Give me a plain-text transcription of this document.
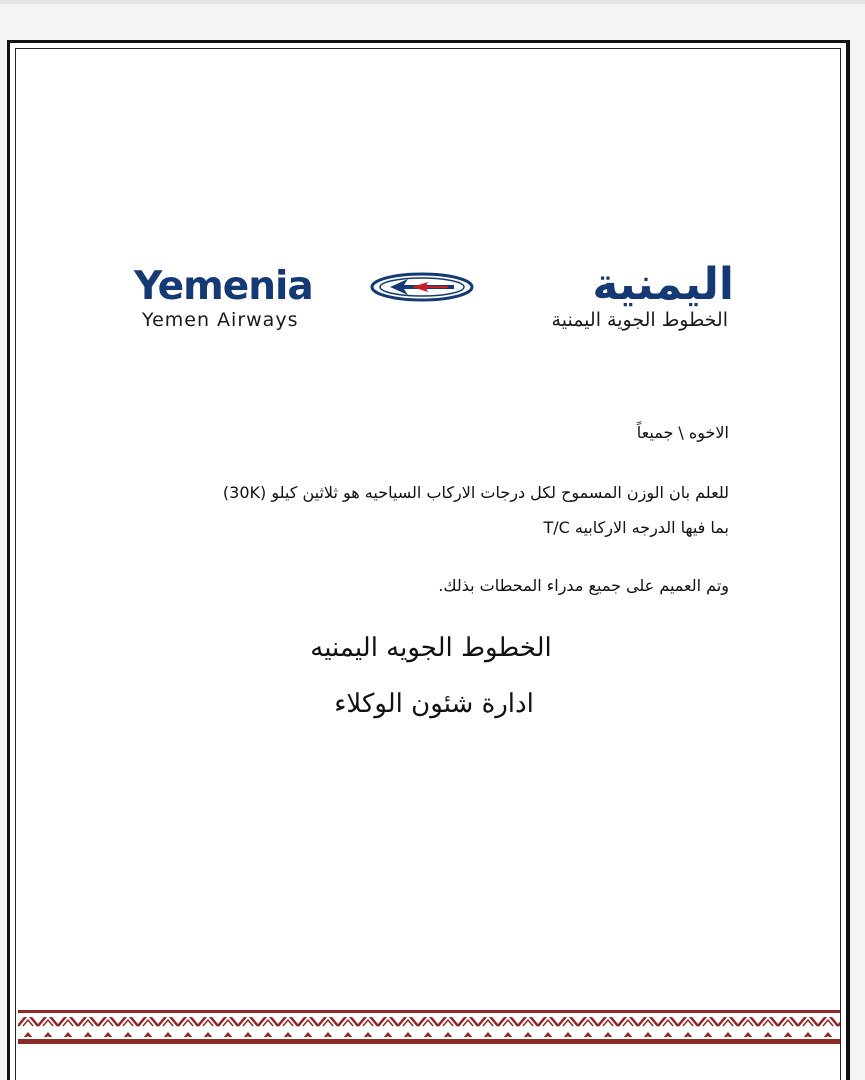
Yemenia
Yemen Airways
اليمنية
الخطوط الجوية اليمنية
الاخوه \ جميعاً
للعلم بان الوزن المسموح لكل درجات الاركاب السياحيه هو ثلاثين كيلو (30K)
بما فيها الدرجه الاركابيه T/C
وتم العميم على جميع مدراء المحطات بذلك.
الخطوط الجويه اليمنيه
ادارة شئون الوكلاء
